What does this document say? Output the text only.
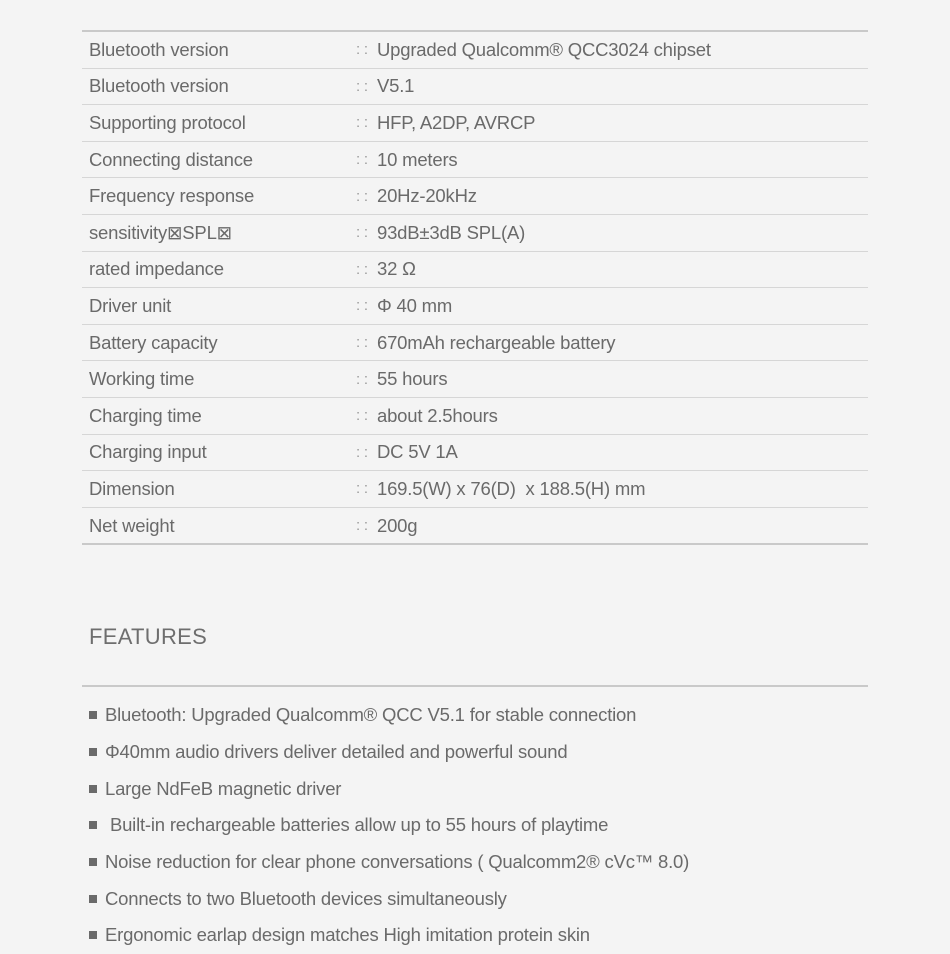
Bluetooth version	: : Upgraded Qualcomm® QCC3024 chipset
Bluetooth version	: : V5.1
Supporting protocol	: : HFP, A2DP, AVRCP
Connecting distance	: : 10 meters
Frequency response	: : 20Hz-20kHz
sensitivity⊠SPL⊠	: : 93dB±3dB SPL(A)
rated impedance	: : 32 Ω
Driver unit	: : Φ 40 mm
Battery capacity	: : 670mAh rechargeable battery
Working time	: : 55 hours
Charging time	: : about 2.5hours
Charging input	: : DC 5V 1A
Dimension	: : 169.5(W) x 76(D)  x 188.5(H) mm
Net weight	: : 200g
FEATURES
Bluetooth: Upgraded Qualcomm® QCC V5.1 for stable connection
Φ40mm audio drivers deliver detailed and powerful sound
Large NdFeB magnetic driver
Built-in rechargeable batteries allow up to 55 hours of playtime
Noise reduction for clear phone conversations ( Qualcomm2® cVc™ 8.0)
Connects to two Bluetooth devices simultaneously
Ergonomic earlap design matches High imitation protein skin
